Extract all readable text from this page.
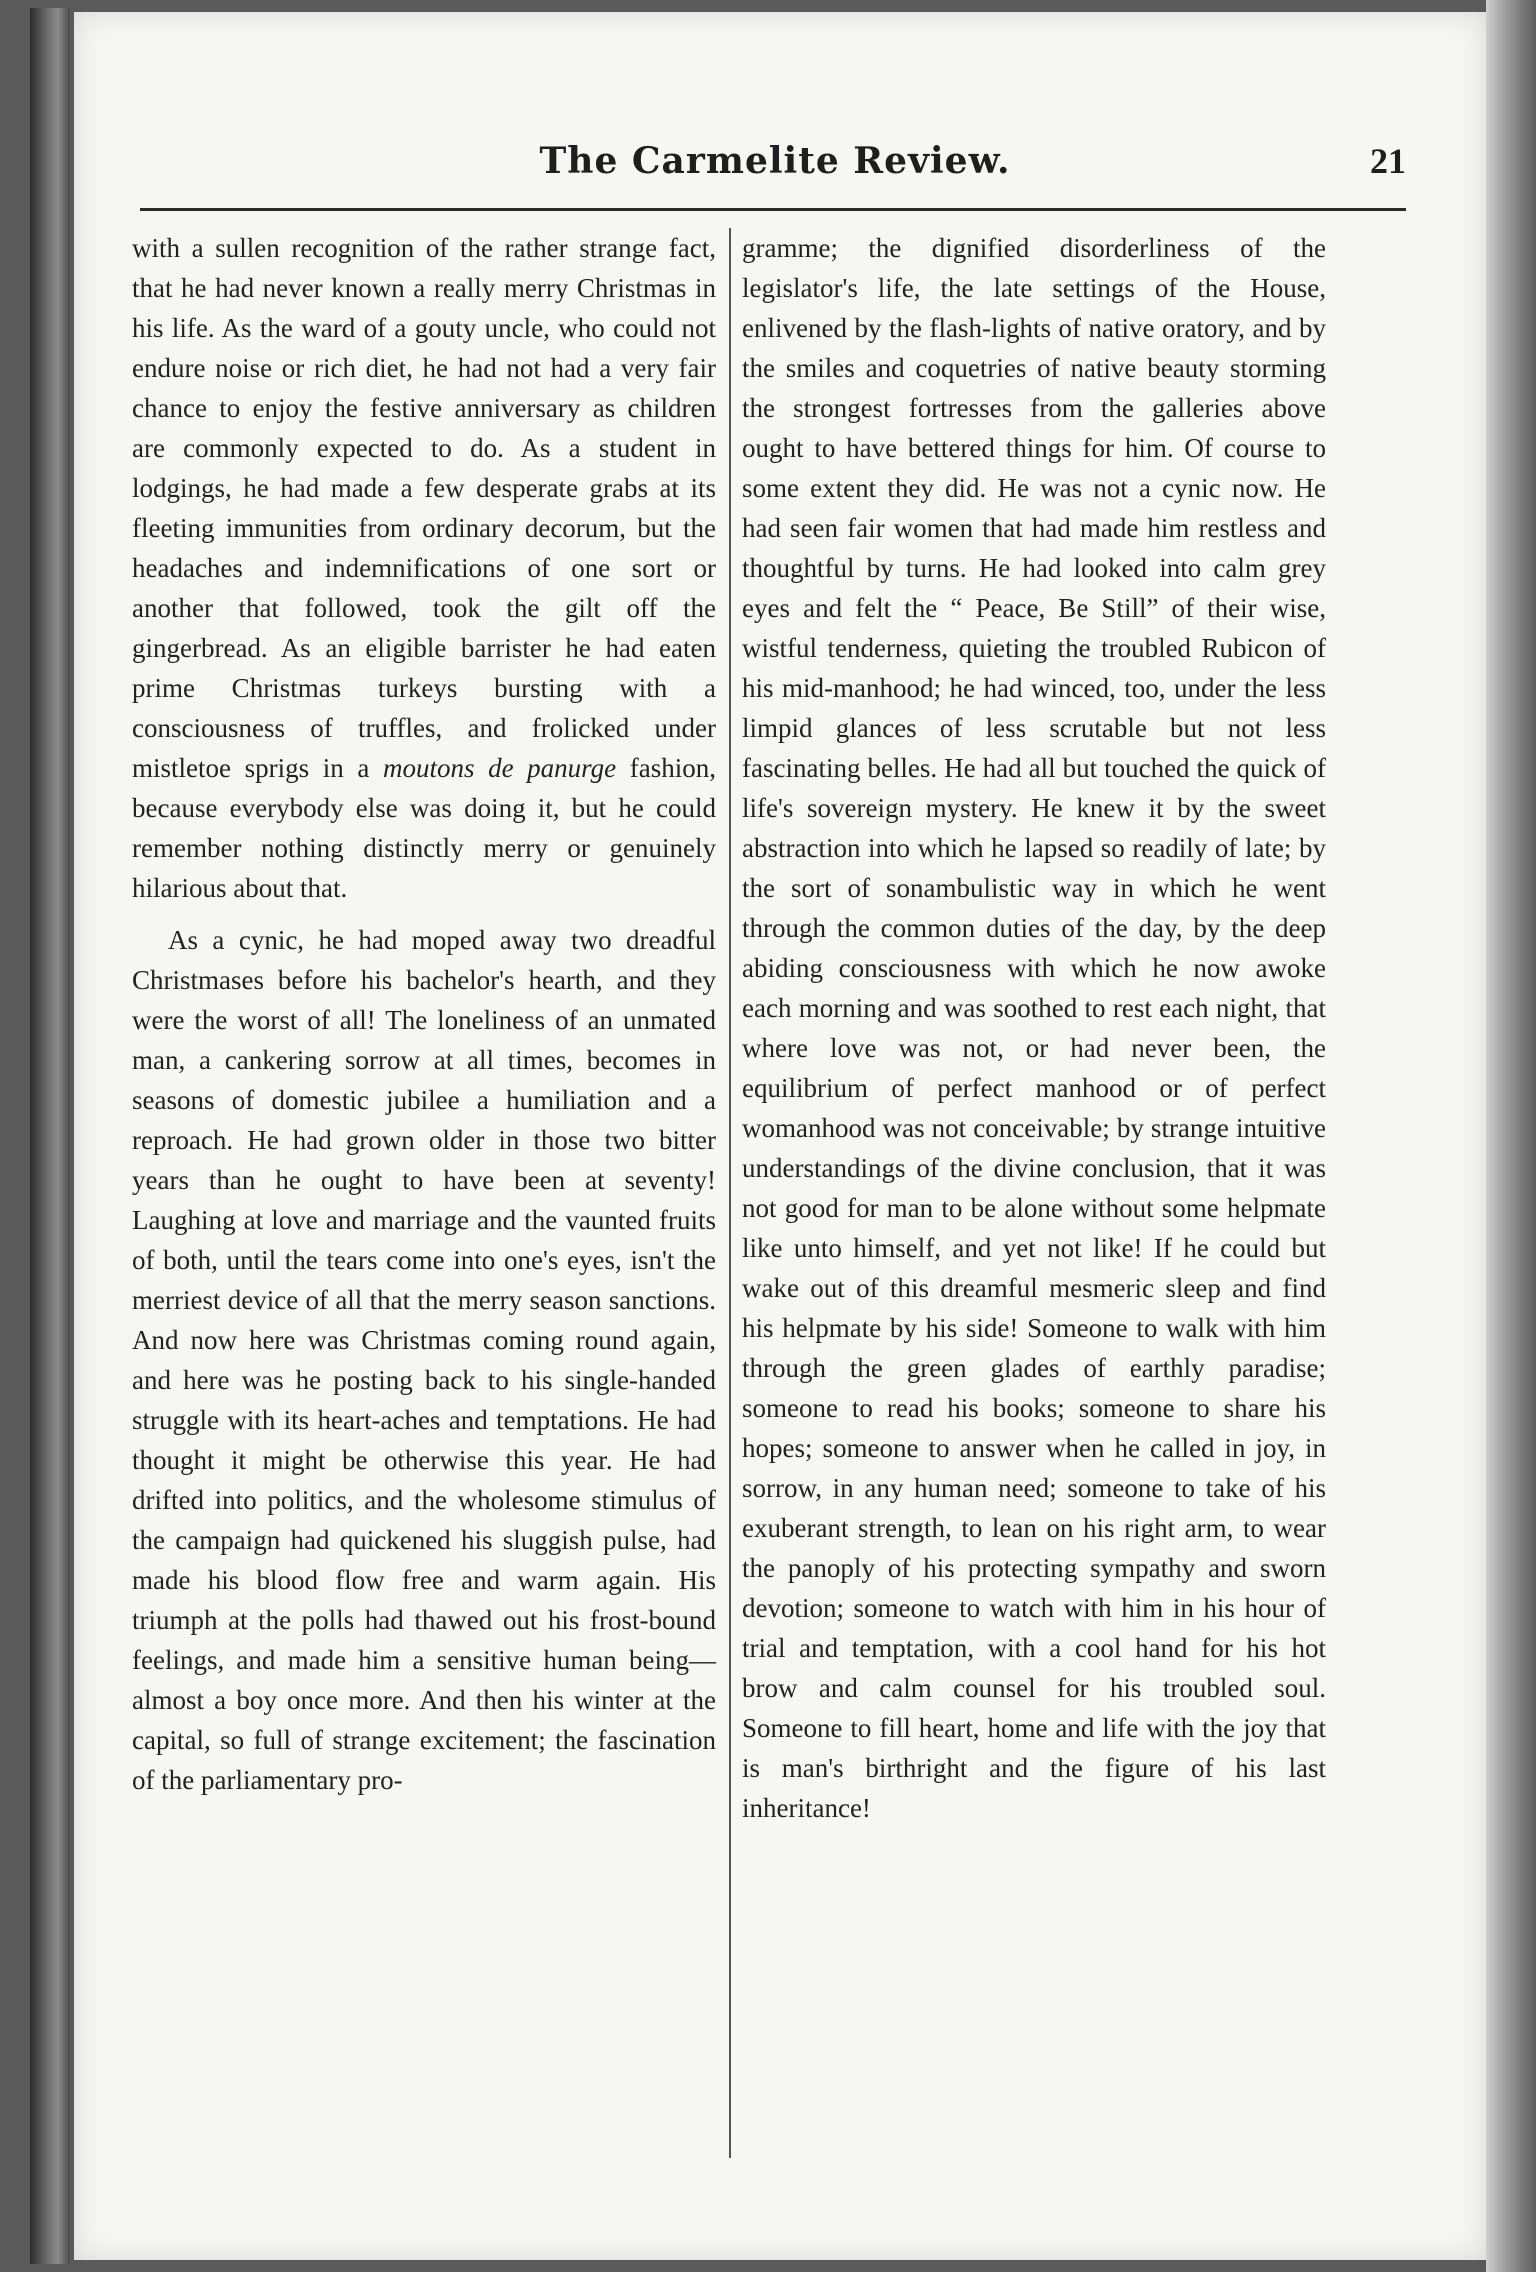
The Carmelite Review.	21

with a sullen recognition of the rather strange fact, that he had never known a really merry Christmas in his life. As the ward of a gouty uncle, who could not endure noise or rich diet, he had not had a very fair chance to enjoy the festive anniversary as children are commonly expected to do. As a student in lodgings, he had made a few desperate grabs at its fleeting immunities from ordinary decorum, but the headaches and indemnifications of one sort or another that followed, took the gilt off the gingerbread. As an eligible barrister he had eaten prime Christmas turkeys bursting with a consciousness of truffles, and frolicked under mistletoe sprigs in a moutons de panurge fashion, because everybody else was doing it, but he could remember nothing distinctly merry or genuinely hilarious about that.

As a cynic, he had moped away two dreadful Christmases before his bachelor's hearth, and they were the worst of all! The loneliness of an unmated man, a cankering sorrow at all times, becomes in seasons of domestic jubilee a humiliation and a reproach. He had grown older in those two bitter years than he ought to have been at seventy! Laughing at love and marriage and the vaunted fruits of both, until the tears come into one's eyes, isn't the merriest device of all that the merry season sanctions. And now here was Christmas coming round again, and here was he posting back to his single-handed struggle with its heart-aches and temptations. He had thought it might be otherwise this year. He had drifted into politics, and the wholesome stimulus of the campaign had quickened his sluggish pulse, had made his blood flow free and warm again. His triumph at the polls had thawed out his frost-bound feelings, and made him a sensitive human being—almost a boy once more. And then his winter at the capital, so full of strange excitement; the fascination of the parliamentary pro-

gramme; the dignified disorderliness of the legislator's life, the late settings of the House, enlivened by the flash-lights of native oratory, and by the smiles and coquetries of native beauty storming the strongest fortresses from the galleries above ought to have bettered things for him. Of course to some extent they did. He was not a cynic now. He had seen fair women that had made him restless and thoughtful by turns. He had looked into calm grey eyes and felt the “ Peace, Be Still” of their wise, wistful tenderness, quieting the troubled Rubicon of his mid-manhood; he had winced, too, under the less limpid glances of less scrutable but not less fascinating belles. He had all but touched the quick of life's sovereign mystery. He knew it by the sweet abstraction into which he lapsed so readily of late; by the sort of sonambulistic way in which he went through the common duties of the day, by the deep abiding consciousness with which he now awoke each morning and was soothed to rest each night, that where love was not, or had never been, the equilibrium of perfect manhood or of perfect womanhood was not conceivable; by strange intuitive understandings of the divine conclusion, that it was not good for man to be alone without some helpmate like unto himself, and yet not like! If he could but wake out of this dreamful mesmeric sleep and find his helpmate by his side! Someone to walk with him through the green glades of earthly paradise; someone to read his books; someone to share his hopes; someone to answer when he called in joy, in sorrow, in any human need; someone to take of his exuberant strength, to lean on his right arm, to wear the panoply of his protecting sympathy and sworn devotion; someone to watch with him in his hour of trial and temptation, with a cool hand for his hot brow and calm counsel for his troubled soul. Someone to fill heart, home and life with the joy that is man's birthright and the figure of his last inheritance!
